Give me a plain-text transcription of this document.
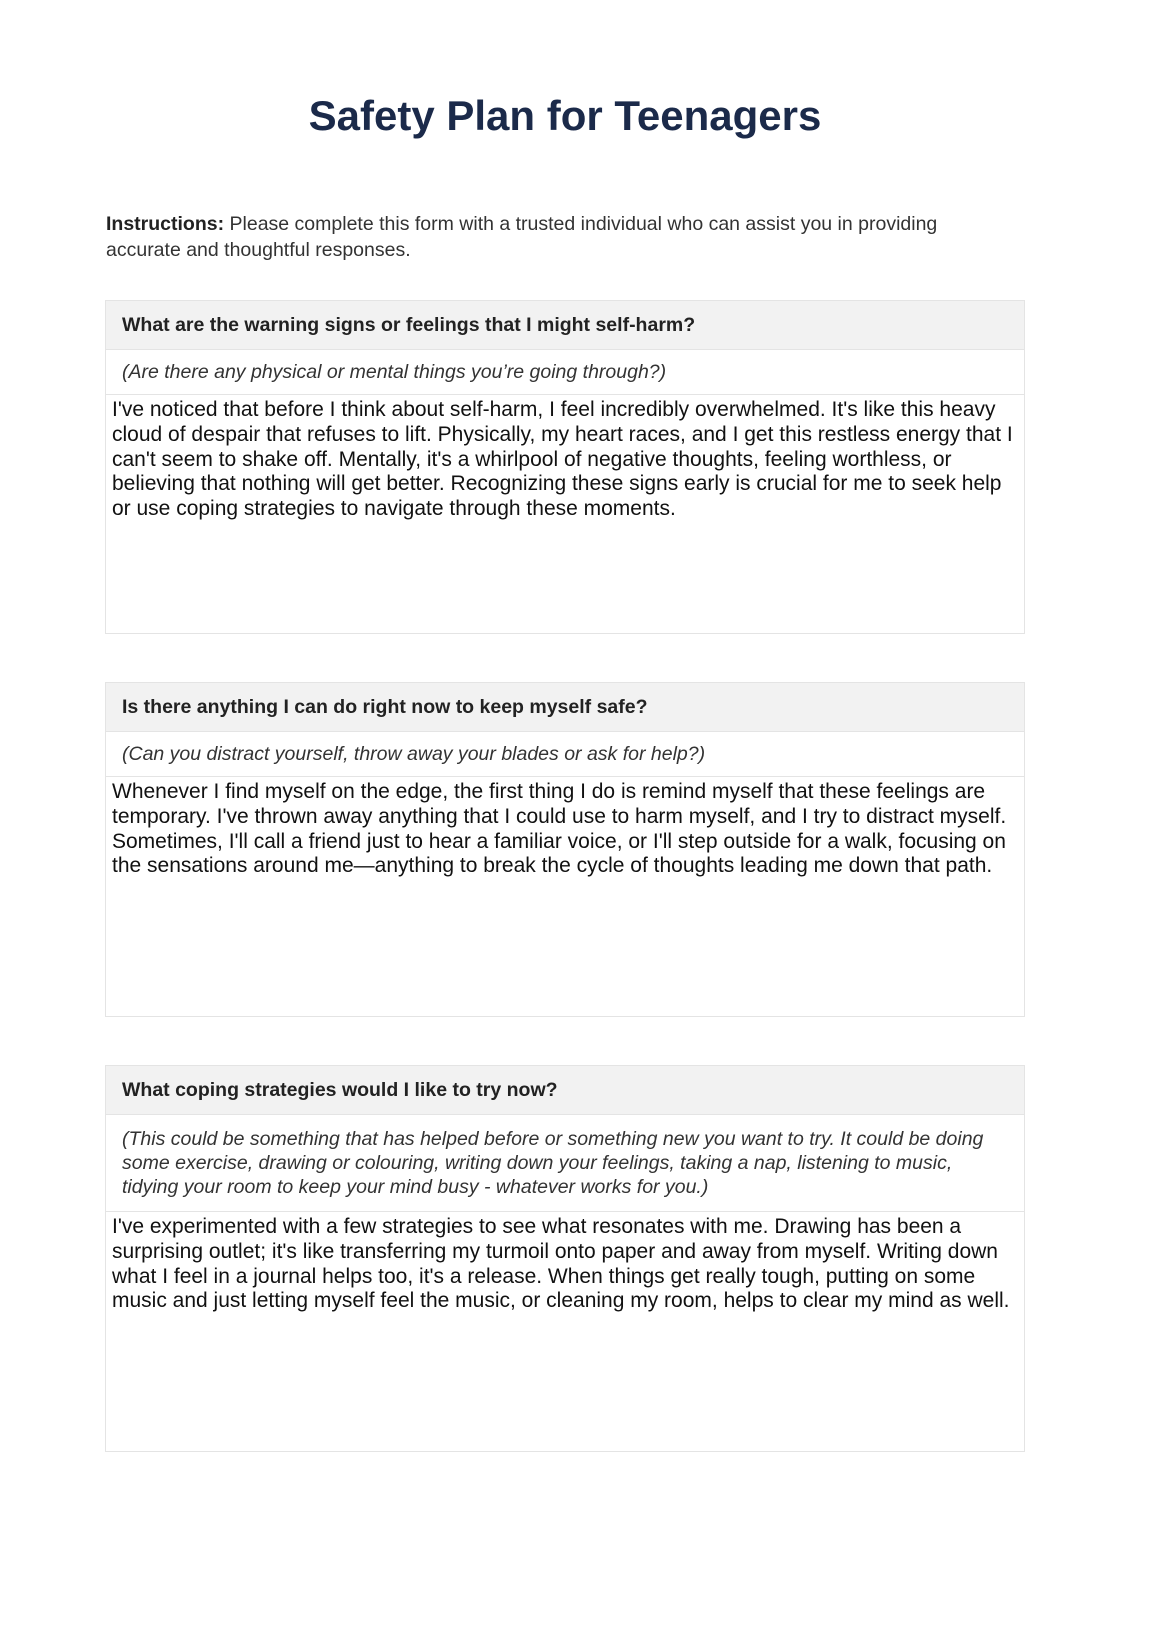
Safety Plan for Teenagers
Instructions: Please complete this form with a trusted individual who can assist you in providing accurate and thoughtful responses.
What are the warning signs or feelings that I might self-harm?
(Are there any physical or mental things you’re going through?)
I've noticed that before I think about self-harm, I feel incredibly overwhelmed. It's like this heavy cloud of despair that refuses to lift. Physically, my heart races, and I get this restless energy that I can't seem to shake off. Mentally, it's a whirlpool of negative thoughts, feeling worthless, or believing that nothing will get better. Recognizing these signs early is crucial for me to seek help or use coping strategies to navigate through these moments.
Is there anything I can do right now to keep myself safe?
(Can you distract yourself, throw away your blades or ask for help?)
Whenever I find myself on the edge, the first thing I do is remind myself that these feelings are temporary. I've thrown away anything that I could use to harm myself, and I try to distract myself. Sometimes, I'll call a friend just to hear a familiar voice, or I'll step outside for a walk, focusing on the sensations around me—anything to break the cycle of thoughts leading me down that path.
What coping strategies would I like to try now?
(This could be something that has helped before or something new you want to try. It could be doing some exercise, drawing or colouring, writing down your feelings, taking a nap, listening to music, tidying your room to keep your mind busy - whatever works for you.)
I've experimented with a few strategies to see what resonates with me. Drawing has been a surprising outlet; it's like transferring my turmoil onto paper and away from myself. Writing down what I feel in a journal helps too, it's a release. When things get really tough, putting on some music and just letting myself feel the music, or cleaning my room, helps to clear my mind as well.
